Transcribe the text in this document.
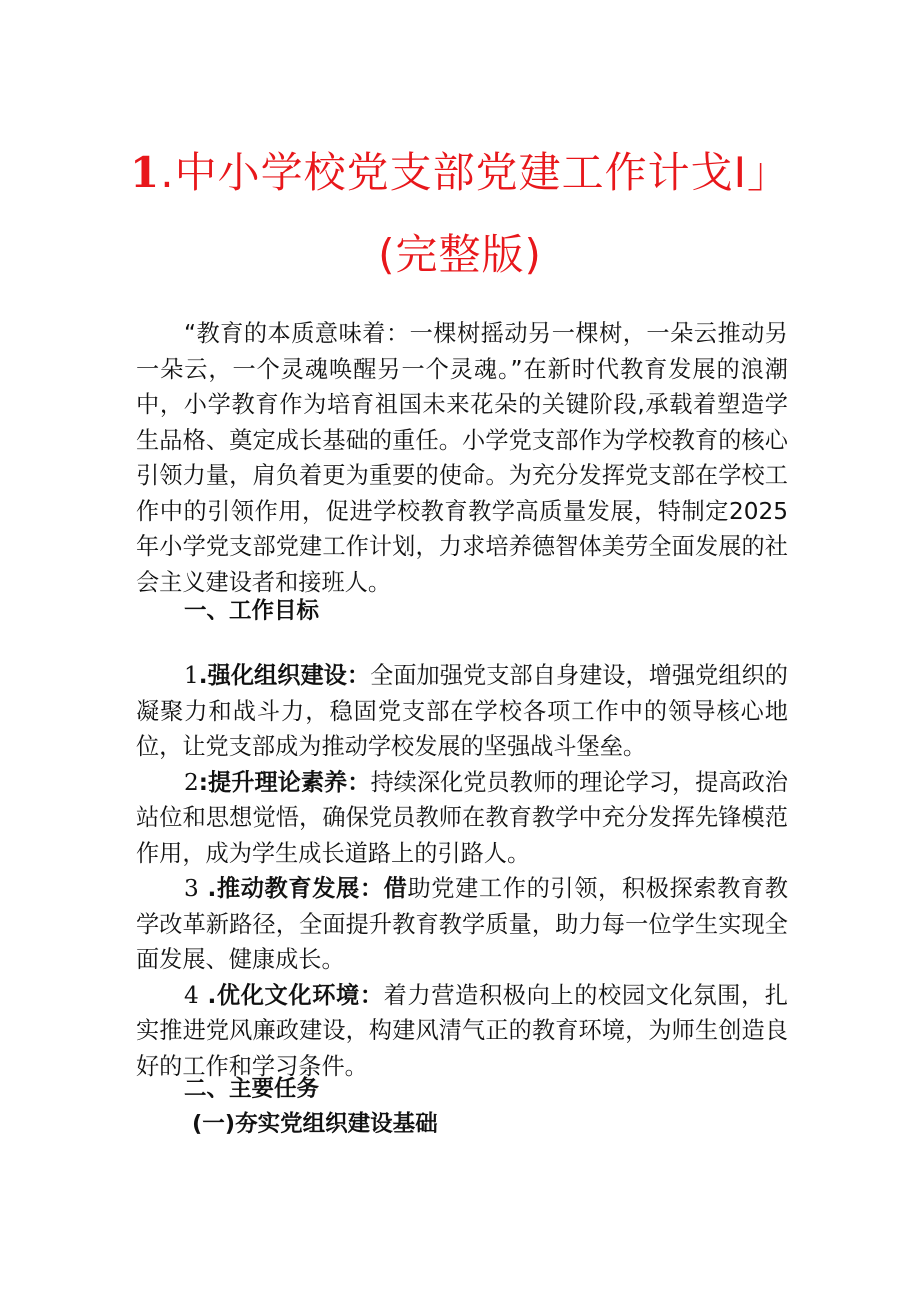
1.中小学校党支部党建工作计戈I」
(完整版)

“教育的本质意味着：一棵树摇动另一棵树，一朵云推动另一朵云，一个灵魂唤醒另一个灵魂。”在新时代教育发展的浪潮中，小学教育作为培育祖国未来花朵的关键阶段,承载着塑造学生品格、奠定成长基础的重任。小学党支部作为学校教育的核心引领力量，肩负着更为重要的使命。为充分发挥党支部在学校工作中的引领作用，促进学校教育教学高质量发展，特制定2025年小学党支部党建工作计划，力求培养德智体美劳全面发展的社会主义建设者和接班人。

一、工作目标

1.强化组织建设：全面加强党支部自身建设，增强党组织的凝聚力和战斗力，稳固党支部在学校各项工作中的领导核心地位，让党支部成为推动学校发展的坚强战斗堡垒。

2:提升理论素养：持续深化党员教师的理论学习，提高政治站位和思想觉悟，确保党员教师在教育教学中充分发挥先锋模范作用，成为学生成长道路上的引路人。

3 .推动教育发展：借助党建工作的引领，积极探索教育教学改革新路径，全面提升教育教学质量，助力每一位学生实现全面发展、健康成长。

4 .优化文化环境：着力营造积极向上的校园文化氛围，扎实推进党风廉政建设，构建风清气正的教育环境，为师生创造良好的工作和学习条件。

二、主要任务
(一)夯实党组织建设基础
